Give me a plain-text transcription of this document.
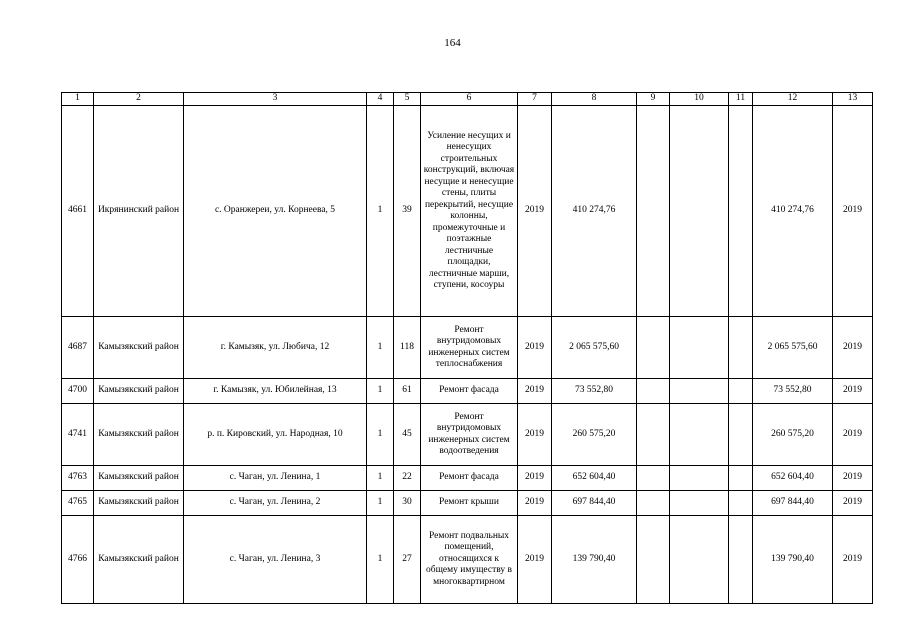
164
1	2	3	4	5	6	7	8	9	10	11	12	13
4661	Икрянинский район	с. Оранжереи, ул. Корнеева, 5	1	39	Усиление несущих и ненесущих строительных конструкций, включая несущие и ненесущие стены, плиты перекрытий, несущие колонны, промежуточные и поэтажные лестничные площадки, лестничные марши, ступени, косоуры	2019	410 274,76				410 274,76	2019
4687	Камызякский район	г. Камызяк, ул. Любича, 12	1	118	Ремонт внутридомовых инженерных систем теплоснабжения	2019	2 065 575,60				2 065 575,60	2019
4700	Камызякский район	г. Камызяк, ул. Юбилейная, 13	1	61	Ремонт фасада	2019	73 552,80				73 552,80	2019
4741	Камызякский район	р. п. Кировский, ул. Народная, 10	1	45	Ремонт внутридомовых инженерных систем водоотведения	2019	260 575,20				260 575,20	2019
4763	Камызякский район	с. Чаган, ул. Ленина, 1	1	22	Ремонт фасада	2019	652 604,40				652 604,40	2019
4765	Камызякский район	с. Чаган, ул. Ленина, 2	1	30	Ремонт крыши	2019	697 844,40				697 844,40	2019
4766	Камызякский район	с. Чаган, ул. Ленина, 3	1	27	Ремонт подвальных помещений, относящихся к общему имуществу в многоквартирном	2019	139 790,40				139 790,40	2019
